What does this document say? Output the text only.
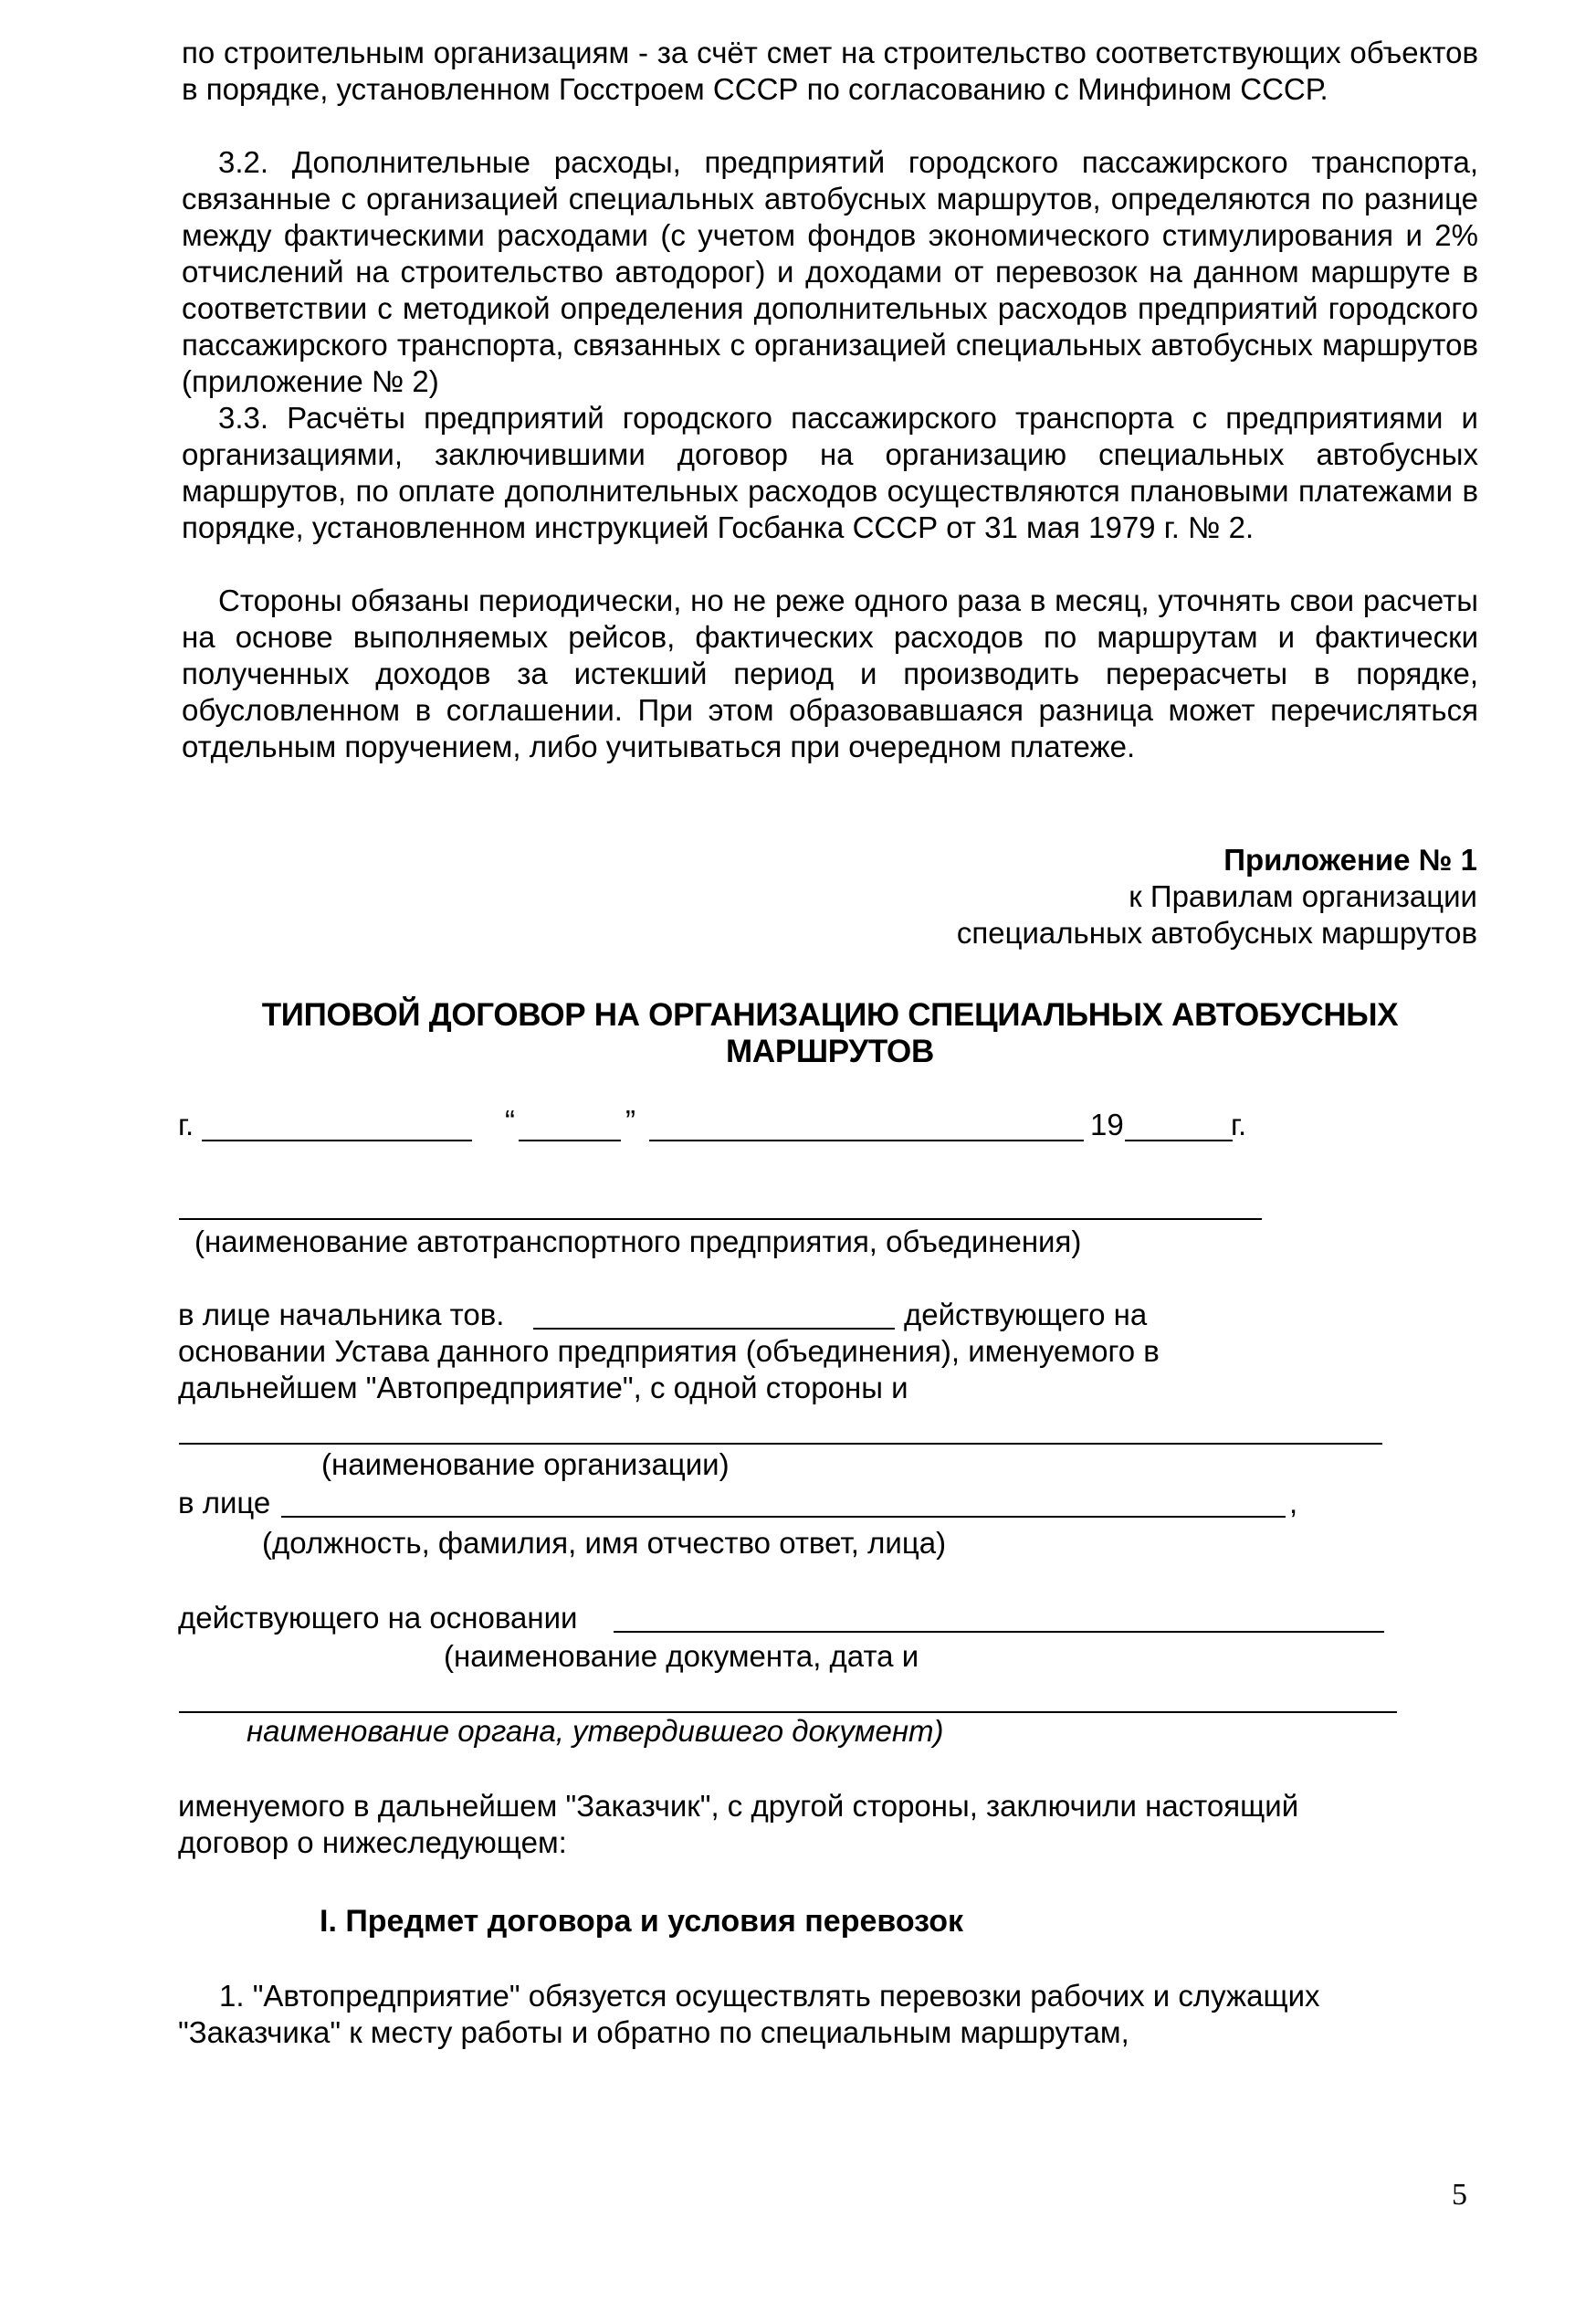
по строительным организациям - за счёт смет на строительство соответствующих объектов в порядке, установленном Госстроем СССР по согласованию с Минфином СССР.

3.2. Дополнительные расходы, предприятий городского пассажирского транспорта, связанные с организацией специальных автобусных маршрутов, определяются по разнице между фактическими расходами (с учетом фондов экономического стимулирования и 2% отчислений на строительство автодорог) и доходами от перевозок на данном маршруте в соответствии с методикой определения дополнительных расходов предприятий городского пассажирского транспорта, связанных с организацией специальных автобусных маршрутов (приложение № 2)

3.3. Расчёты предприятий городского пассажирского транспорта с предприятиями и организациями, заключившими договор на организацию специальных автобусных маршрутов, по оплате дополнительных расходов осуществляются плановыми платежами в порядке, установленном инструкцией Госбанка СССР от 31 мая 1979 г. № 2.

Стороны обязаны периодически, но не реже одного раза в месяц, уточнять свои расчеты на основе выполняемых рейсов, фактических расходов по маршрутам и фактически полученных доходов за истекший период и производить перерасчеты в порядке, обусловленном в соглашении. При этом образовавшаяся разница может перечисляться отдельным поручением, либо учитываться при очередном платеже.

Приложение № 1
к Правилам организации
специальных автобусных маршрутов
ТИПОВОЙ ДОГОВОР НА ОРГАНИЗАЦИЮ СПЕЦИАЛЬНЫХ АВТОБУСНЫХ МАРШРУТОВ
г.	“	”	19	г.
(наименование автотранспортного предприятия, объединения)
в лице начальника тов.	действующего на
основании Устава данного предприятия (объединения), именуемого в
дальнейшем "Автопредприятие", с одной стороны и
(наименование организации)
в лице	,
(должность, фамилия, имя отчество ответ, лица)
действующего на основании
(наименование документа, дата и
наименование органа, утвердившего документ)
именуемого в дальнейшем "Заказчик", с другой стороны, заключили настоящий
договор о нижеследующем:
I. Предмет договора и условия перевозок
1. "Автопредприятие" обязуется осуществлять перевозки рабочих и служащих
"Заказчика" к месту работы и обратно по специальным маршрутам,
5
